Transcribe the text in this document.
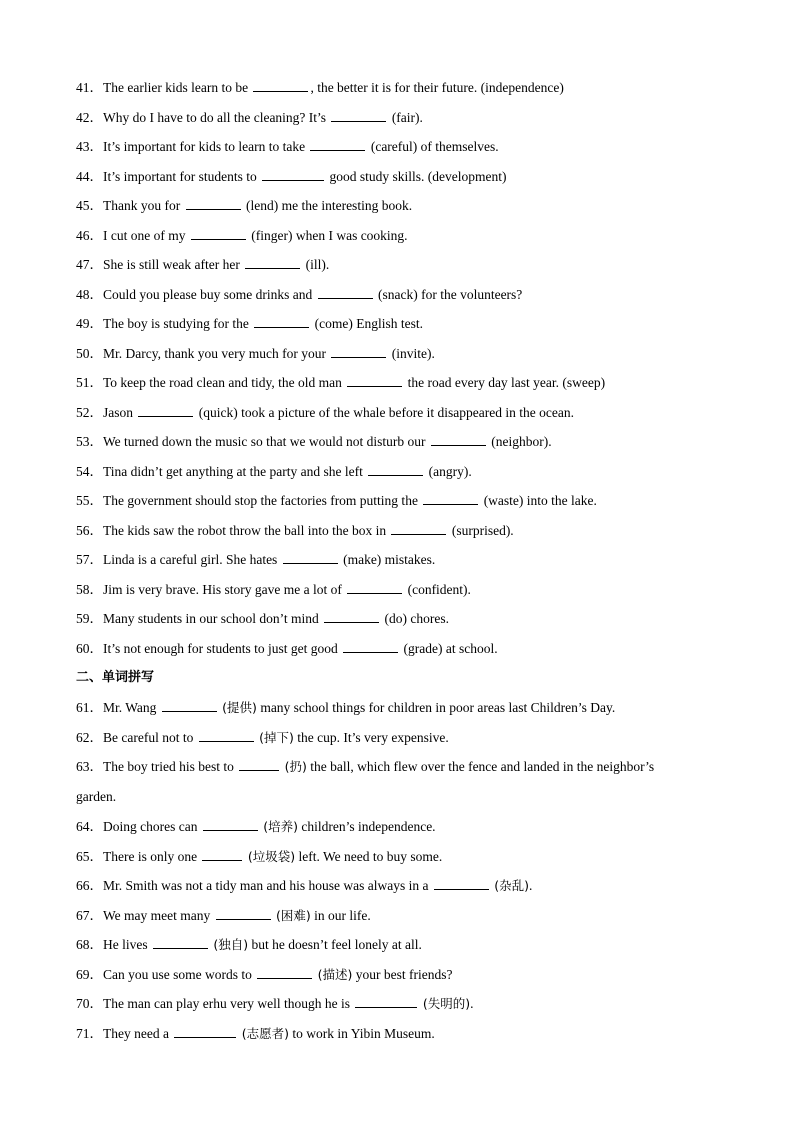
41．The earlier kids learn to be	, the better it is for their future. (independence)
42．Why do I have to do all the cleaning? It’s	(fair).
43．It’s important for kids to learn to take	(careful) of themselves.
44．It’s important for students to	good study skills. (development)
45．Thank you for	(lend) me the interesting book.
46．I cut one of my	(finger) when I was cooking.
47．She is still weak after her	(ill).
48．Could you please buy some drinks and	(snack) for the volunteers?
49．The boy is studying for the	(come) English test.
50．Mr. Darcy, thank you very much for your	(invite).
51．To keep the road clean and tidy, the old man	the road every day last year. (sweep)
52．Jason	(quick) took a picture of the whale before it disappeared in the ocean.
53．We turned down the music so that we would not disturb our	(neighbor).
54．Tina didn’t get anything at the party and she left	(angry).
55．The government should stop the factories from putting the	(waste) into the lake.
56．The kids saw the robot throw the ball into the box in	(surprised).
57．Linda is a careful girl. She hates	(make) mistakes.
58．Jim is very brave. His story gave me a lot of	(confident).
59．Many students in our school don’t mind	(do) chores.
60．It’s not enough for students to just get good	(grade) at school.
二、单词拼写
61．Mr. Wang	(提供) many school things for children in poor areas last Children’s Day.
62．Be careful not to	(掉下) the cup. It’s very expensive.
63．The boy tried his best to	(扔) the ball, which flew over the fence and landed in the neighbor’s
garden.
64．Doing chores can	(培养) children’s independence.
65．There is only one	(垃圾袋) left. We need to buy some.
66．Mr. Smith was not a tidy man and his house was always in a	(杂乱).
67．We may meet many	(困难) in our life.
68．He lives	(独自) but he doesn’t feel lonely at all.
69．Can you use some words to	(描述) your best friends?
70．The man can play erhu very well though he is	(失明的).
71．They need a	(志愿者) to work in Yibin Museum.
